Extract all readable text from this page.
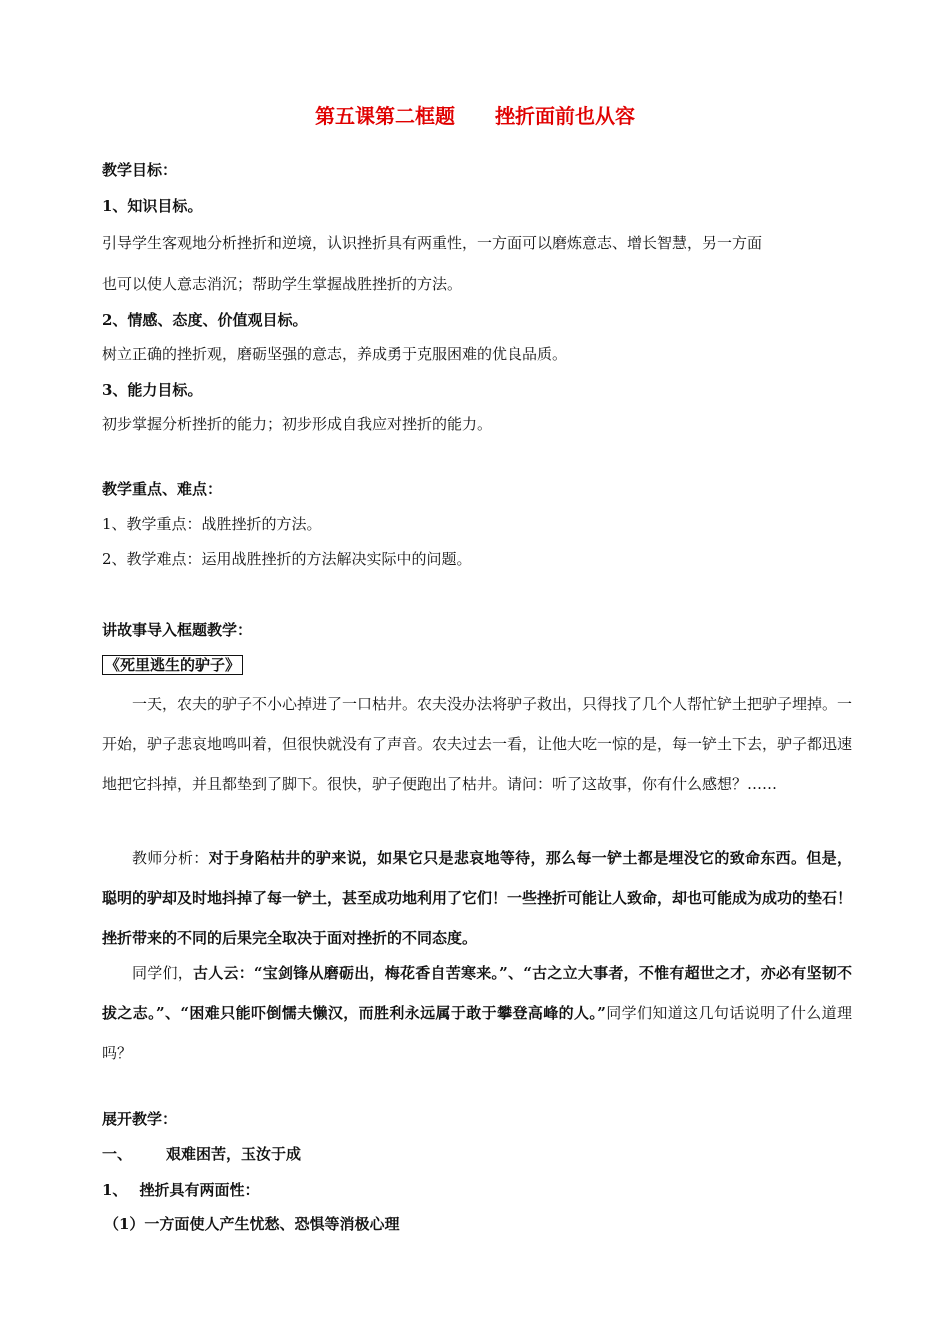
第五课第二框题　　挫折面前也从容
教学目标：
1、知识目标。
引导学生客观地分析挫折和逆境，认识挫折具有两重性，一方面可以磨炼意志、增长智慧，另一方面
也可以使人意志消沉；帮助学生掌握战胜挫折的方法。
2、情感、态度、价值观目标。
树立正确的挫折观，磨砺坚强的意志，养成勇于克服困难的优良品质。
3、能力目标。
初步掌握分析挫折的能力；初步形成自我应对挫折的能力。
教学重点、难点：
1、教学重点：战胜挫折的方法。
2、教学难点：运用战胜挫折的方法解决实际中的问题。
讲故事导入框题教学：
《死里逃生的驴子》
一天，农夫的驴子不小心掉进了一口枯井。农夫没办法将驴子救出，只得找了几个人帮忙铲土把驴子埋掉。一开始，驴子悲哀地鸣叫着，但很快就没有了声音。农夫过去一看，让他大吃一惊的是，每一铲土下去，驴子都迅速地把它抖掉，并且都垫到了脚下。很快，驴子便跑出了枯井。请问：听了这故事，你有什么感想？……
教师分析：对于身陷枯井的驴来说，如果它只是悲哀地等待，那么每一铲土都是埋没它的致命东西。但是，聪明的驴却及时地抖掉了每一铲土，甚至成功地利用了它们！一些挫折可能让人致命，却也可能成为成功的垫石！挫折带来的不同的后果完全取决于面对挫折的不同态度。
同学们，古人云：“宝剑锋从磨砺出，梅花香自苦寒来。”、“古之立大事者，不惟有超世之才，亦必有坚韧不拔之志。”、“困难只能吓倒懦夫懒汉，而胜利永远属于敢于攀登高峰的人。”同学们知道这几句话说明了什么道理吗？
展开教学：
一、 艰难困苦，玉汝于成
1、 挫折具有两面性：
（1）一方面使人产生忧愁、恐惧等消极心理
